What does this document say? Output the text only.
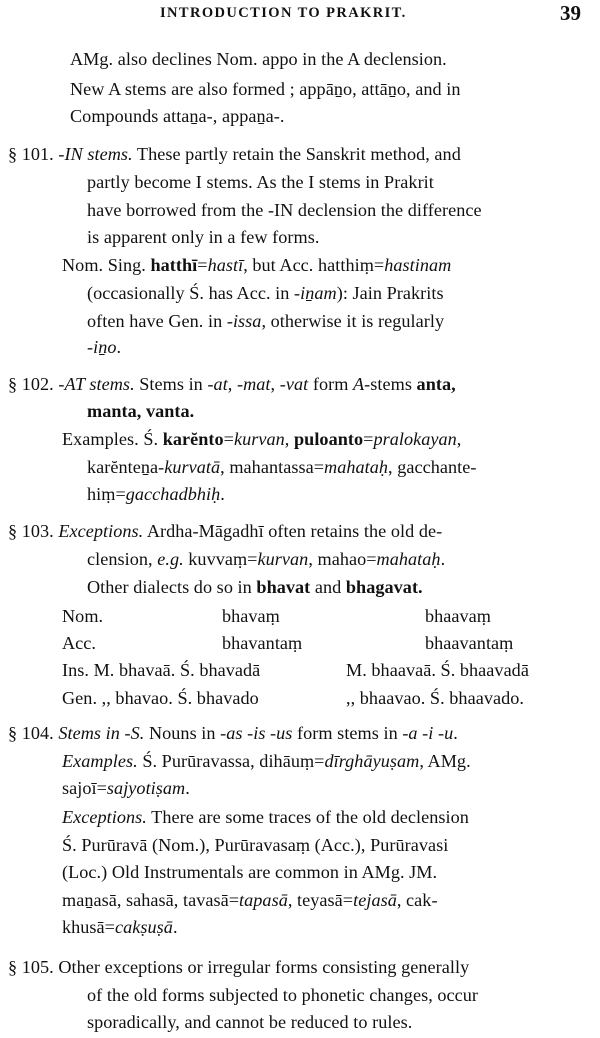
INTRODUCTION TO PRAKRIT.	39
AMg. also declines Nom. appo in the A declension.
New A stems are also formed ; appāṉo, attāṉo, and in
Compounds attaṉa-, appaṉa-.
§ 101. -IN stems. These partly retain the Sanskrit method, and
partly become I stems. As the I stems in Prakrit
have borrowed from the -IN declension the difference
is apparent only in a few forms.
Nom. Sing. hatthī=hastī, but Acc. hatthiṃ=hastinam
(occasionally Ś. has Acc. in -iṉam): Jain Prakrits
often have Gen. in -issa, otherwise it is regularly
-iṉo.
§ 102. -AT stems. Stems in -at, -mat, -vat form A-stems anta,
manta, vanta.
Examples. Ś. karĕnto=kurvan, puloanto=pralokayan,
karĕnteṉa-kurvatā, mahantassa=mahataḥ, gacchante-
hiṃ=gacchadbhiḥ.
§ 103. Exceptions. Ardha-Māgadhī often retains the old de-
clension, e.g. kuvvaṃ=kurvan, mahao=mahataḥ.
Other dialects do so in bhavat and bhagavat.
Nom.	bhavaṃ	bhaavaṃ
Acc.	bhavantaṃ	bhaavantaṃ
Ins. M. bhavaā. Ś. bhavadā	M. bhaavaā. Ś. bhaavadā
Gen. ,, bhavao. Ś. bhavado	,, bhaavao. Ś. bhaavado.
§ 104. Stems in -S. Nouns in -as -is -us form stems in -a -i -u.
Examples. Ś. Purūravassa, dihāuṃ=dīrghāyuṣam, AMg.
sajoī=sajyotiṣam.
Exceptions. There are some traces of the old declension
Ś. Purūravā (Nom.), Purūravasaṃ (Acc.), Purūravasi
(Loc.) Old Instrumentals are common in AMg. JM.
maṉasā, sahasā, tavasā=tapasā, teyasā=tejasā, cak-
khusā=cakṣuṣā.
§ 105. Other exceptions or irregular forms consisting generally
of the old forms subjected to phonetic changes, occur
sporadically, and cannot be reduced to rules.
